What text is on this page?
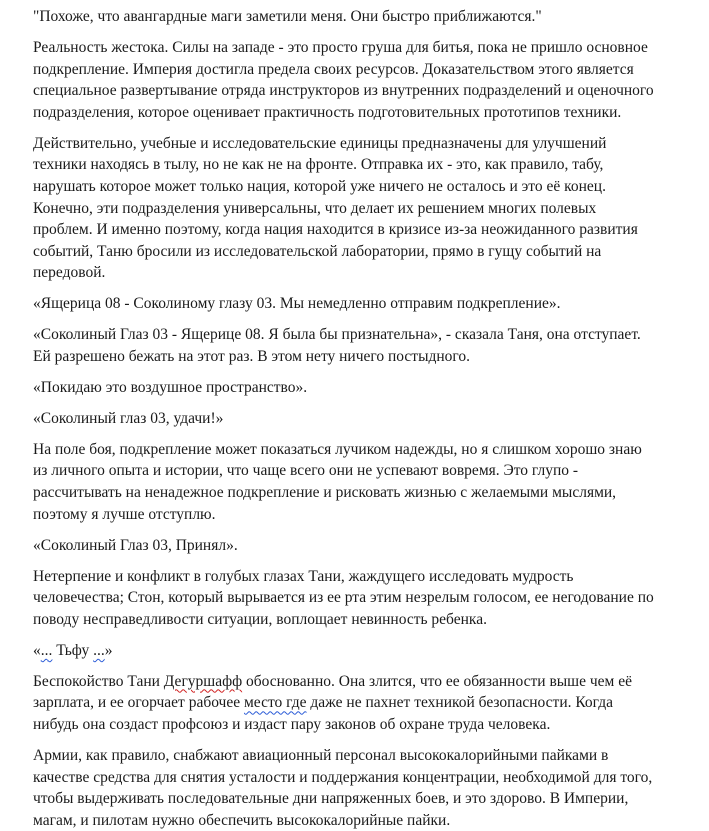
"Похоже, что авангардные маги заметили меня. Они быстро приближаются."

Реальность жестока. Силы на западе - это просто груша для битья, пока не пришло основное
подкрепление. Империя достигла предела своих ресурсов. Доказательством этого является
специальное развертывание отряда инструкторов из внутренних подразделений и оценочного
подразделения, которое оценивает практичность подготовительных прототипов техники.

Действительно, учебные и исследовательские единицы предназначены для улучшений
техники находясь в тылу, но не как не на фронте. Отправка их - это, как правило, табу,
нарушать которое может только нация, которой уже ничего не осталось и это её конец.
Конечно, эти подразделения универсальны, что делает их решением многих полевых
проблем. И именно поэтому, когда нация находится в кризисе из-за неожиданного развития
событий, Таню бросили из исследовательской лаборатории, прямо в гущу событий на
передовой.

«Ящерица 08 - Соколиному глазу 03. Мы немедленно отправим подкрепление».

«Соколиный Глаз 03 - Ящерице 08. Я была бы признательна», - сказала Таня, она отступает.
Ей разрешено бежать на этот раз. В этом нету ничего постыдного.

«Покидаю это воздушное пространство».

«Соколиный глаз 03, удачи!»

На поле боя, подкрепление может показаться лучиком надежды, но я слишком хорошо знаю
из личного опыта и истории, что чаще всего они не успевают вовремя. Это глупо -
рассчитывать на ненадежное подкрепление и рисковать жизнью с желаемыми мыслями,
поэтому я лучше отступлю.

«Соколиный Глаз 03, Принял».

Нетерпение и конфликт в голубых глазах Тани, жаждущего исследовать мудрость
человечества; Стон, который вырывается из ее рта этим незрелым голосом, ее негодование по
поводу несправедливости ситуации, воплощает невинность ребенка.

«... Тьфу ...»

Беспокойство Тани Дегуршафф обоснованно. Она злится, что ее обязанности выше чем её
зарплата, и ее огорчает рабочее место где даже не пахнет техникой безопасности. Когда
нибудь она создаст профсоюз и издаст пару законов об охране труда человека.

Армии, как правило, снабжают авиационный персонал высококалорийными пайками в
качестве средства для снятия усталости и поддержания концентрации, необходимой для того,
чтобы выдерживать последовательные дни напряженных боев, и это здорово. В Империи,
магам, и пилотам нужно обеспечить высококалорийные пайки.
